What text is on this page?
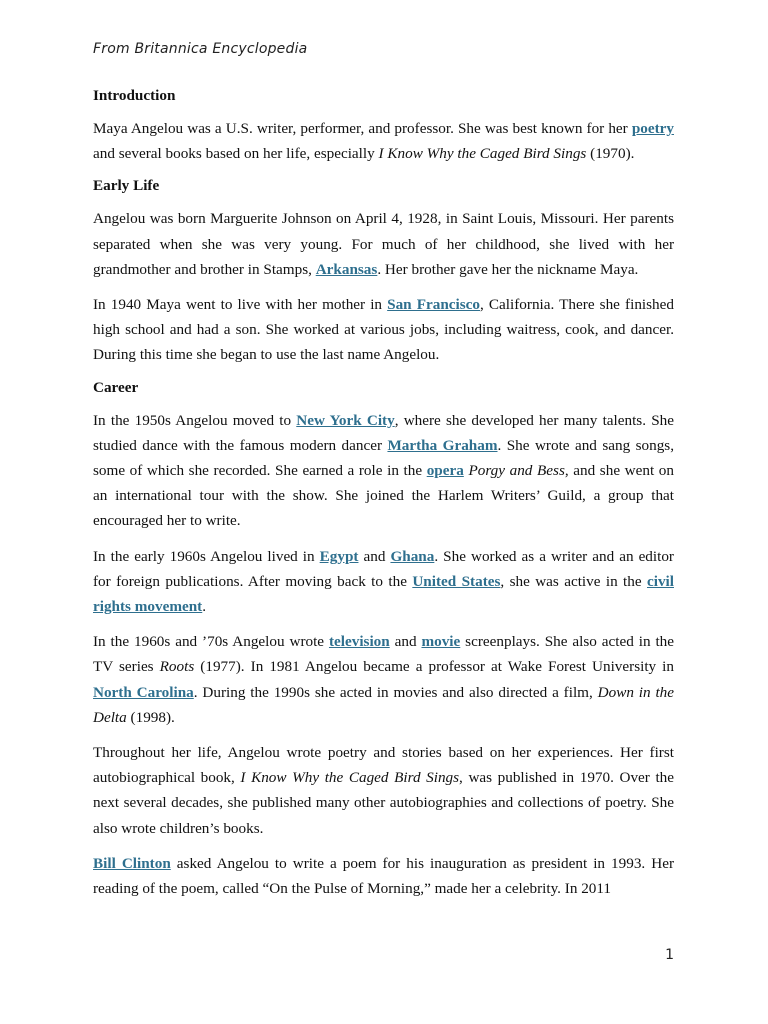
From Britannica Encyclopedia
Introduction

Maya Angelou was a U.S. writer, performer, and professor. She was best known for her poetry and several books based on her life, especially I Know Why the Caged Bird Sings (1970).

Early Life

Angelou was born Marguerite Johnson on April 4, 1928, in Saint Louis, Missouri. Her parents separated when she was very young. For much of her childhood, she lived with her grandmother and brother in Stamps, Arkansas. Her brother gave her the nickname Maya.

In 1940 Maya went to live with her mother in San Francisco, California. There she finished high school and had a son. She worked at various jobs, including waitress, cook, and dancer. During this time she began to use the last name Angelou.

Career

In the 1950s Angelou moved to New York City, where she developed her many talents. She studied dance with the famous modern dancer Martha Graham. She wrote and sang songs, some of which she recorded. She earned a role in the opera Porgy and Bess, and she went on an international tour with the show. She joined the Harlem Writers’ Guild, a group that encouraged her to write.

In the early 1960s Angelou lived in Egypt and Ghana. She worked as a writer and an editor for foreign publications. After moving back to the United States, she was active in the civil rights movement.

In the 1960s and ’70s Angelou wrote television and movie screenplays. She also acted in the TV series Roots (1977). In 1981 Angelou became a professor at Wake Forest University in North Carolina. During the 1990s she acted in movies and also directed a film, Down in the Delta (1998).

Throughout her life, Angelou wrote poetry and stories based on her experiences. Her first autobiographical book, I Know Why the Caged Bird Sings, was published in 1970. Over the next several decades, she published many other autobiographies and collections of poetry. She also wrote children’s books.

Bill Clinton asked Angelou to write a poem for his inauguration as president in 1993. Her reading of the poem, called “On the Pulse of Morning,” made her a celebrity. In 2011

1
